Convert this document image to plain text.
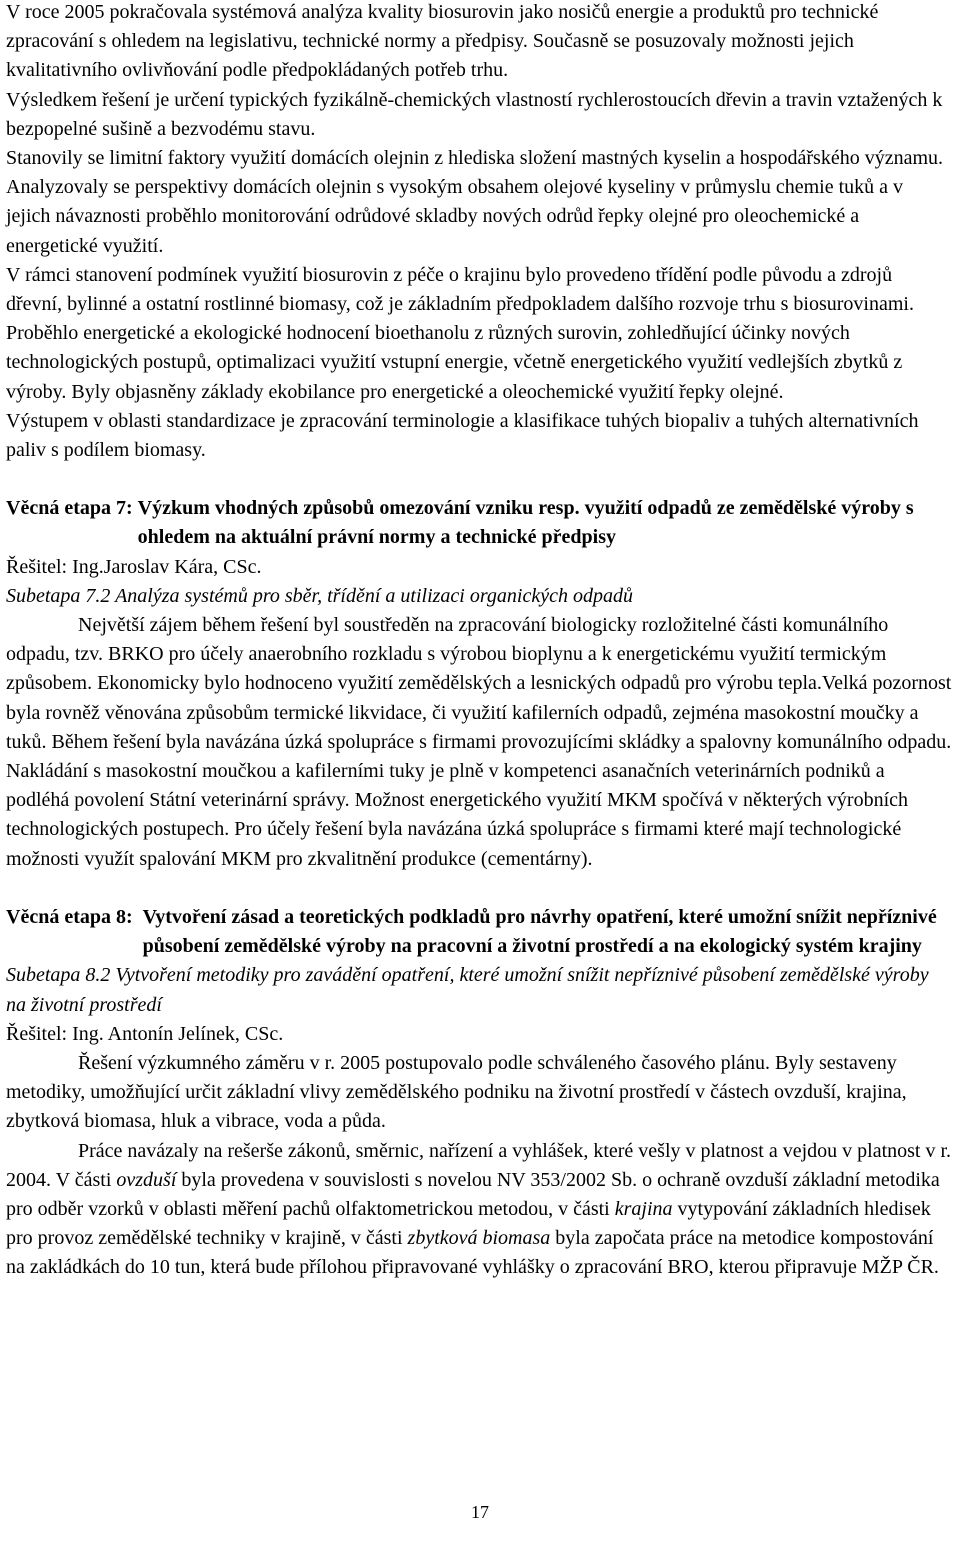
V roce 2005 pokračovala systémová analýza kvality biosurovin jako nosičů energie a produktů pro technické zpracování s ohledem na legislativu, technické normy a předpisy. Současně se posuzovaly možnosti jejich kvalitativního ovlivňování podle předpokládaných potřeb trhu.

Výsledkem řešení je určení typických fyzikálně-chemických vlastností rychlerostoucích dřevin a travin vztažených k bezpopelné sušině a bezvodému stavu.

Stanovily se limitní faktory využití domácích olejnin z hlediska složení mastných kyselin a hospodářského významu. Analyzovaly se perspektivy domácích olejnin s vysokým obsahem olejové kyseliny v průmyslu chemie tuků a v jejich návaznosti proběhlo monitorování odrůdové skladby nových odrůd řepky olejné pro oleochemické a energetické využití.

V rámci stanovení podmínek využití biosurovin z péče o krajinu bylo provedeno třídění podle původu a zdrojů dřevní, bylinné a ostatní rostlinné biomasy, což je základním předpokladem dalšího rozvoje trhu s biosurovinami. Proběhlo energetické a ekologické hodnocení bioethanolu z různých surovin, zohledňující účinky nových technologických postupů, optimalizaci využití vstupní energie, včetně energetického využití vedlejších zbytků z výroby. Byly objasněny základy ekobilance pro energetické a oleochemické využití řepky olejné.

Výstupem v oblasti standardizace je zpracování terminologie a klasifikace tuhých biopaliv a tuhých alternativních paliv s podílem biomasy.

Věcná etapa 7: Výzkum vhodných způsobů omezování vzniku resp. využití odpadů ze zemědělské výroby s ohledem na aktuální právní normy a technické předpisy

Řešitel: Ing.Jaroslav Kára, CSc.

Subetapa 7.2 Analýza systémů pro sběr, třídění a utilizaci organických odpadů

Největší zájem během řešení byl soustředěn na zpracování biologicky rozložitelné části komunálního odpadu, tzv. BRKO pro účely anaerobního rozkladu s výrobou bioplynu a k energetickému využití termickým způsobem. Ekonomicky bylo hodnoceno využití zemědělských a lesnických odpadů pro výrobu tepla.Velká pozornost byla rovněž věnována způsobům termické likvidace, či využití kafilerních odpadů, zejména masokostní moučky a tuků. Během řešení byla navázána úzká spolupráce s firmami provozujícími skládky a spalovny komunálního odpadu. Nakládání s masokostní moučkou a kafilerními tuky je plně v kompetenci asanačních veterinárních podniků a podléhá povolení Státní veterinární správy. Možnost energetického využití MKM spočívá v některých výrobních technologických postupech. Pro účely řešení byla navázána úzká spolupráce s firmami které mají technologické možnosti využít spalování MKM pro zkvalitnění produkce (cementárny).

Věcná etapa 8: Vytvoření zásad a teoretických podkladů pro návrhy opatření, které umožní snížit nepříznivé působení zemědělské výroby na pracovní a životní prostředí a na ekologický systém krajiny

Subetapa 8.2 Vytvoření metodiky pro zavádění opatření, které umožní snížit nepříznivé působení zemědělské výroby na životní prostředí

Řešitel: Ing. Antonín Jelínek, CSc.

Řešení výzkumného záměru v r. 2005 postupovalo podle schváleného časového plánu. Byly sestaveny metodiky, umožňující určit základní vlivy zemědělského podniku na životní prostředí v částech ovzduší, krajina, zbytková biomasa, hluk a vibrace, voda a půda.

Práce navázaly na rešerše zákonů, směrnic, nařízení a vyhlášek, které vešly v platnost a vejdou v platnost v r. 2004. V části ovzduší byla provedena v souvislosti s novelou NV 353/2002 Sb. o ochraně ovzduší základní metodika pro odběr vzorků v oblasti měření pachů olfaktometrickou metodou, v části krajina vytypování základních hledisek pro provoz zemědělské techniky v krajině, v části zbytková biomasa byla započata práce na metodice kompostování na zakládkách do 10 tun, která bude přílohou připravované vyhlášky o zpracování BRO, kterou připravuje MŽP ČR.

17
